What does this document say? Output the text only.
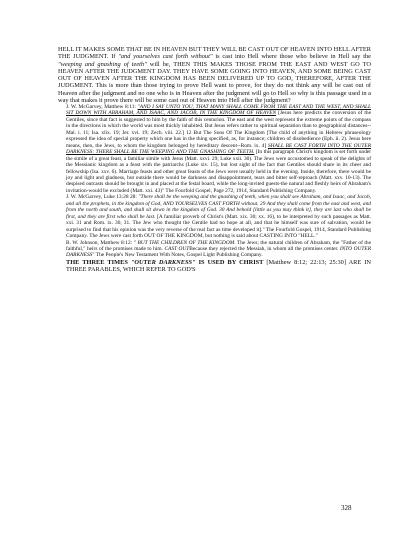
HELL IT MAKES SOME THAT BE IN HEAVEN BUT THEY WILL BE CAST OUT OF HEAVEN INTO HELL AFTER THE JUDGMENT. If "and yourselves cast forth without" is cast into Hell where those who believe in Hell say the "weeping and gnashing of teeth" will be, THEN THIS MAKES THOSE FROM THE EAST AND WEST GO TO HEAVEN AFTER THE JUDGMENT DAY. THEY HAVE SOME GOING INTO HEAVEN, AND SOME BEING CAST OUT OF HEAVEN AFTER THE KINGDOM HAS BEEN DELIVERED UP TO GOD, THEREFORE, AFTER THE JUDGMENT. This is more than those trying to prove Hell want to prove, for they do not think any will be cast out of Heaven after the judgment and no one who is in Heaven after the judgment will go to Hell so why is this passage used in a way that makes it prove there will be some cast out of Heaven into Hell after the judgment?

J. W. McGarvey, Matthew 8:11: "AND I SAY UNTO YOU, THAT MANY SHALL COME FROM THE EAST AND THE WEST, AND SHALL SIT DOWN WITH ABRAHAM, AND ISAAC, AND JACOB, IN THE KINGDOM OF HEAVEN [Jesus here predicts the conversion of the Gentiles, since that fact is suggested to him by the faith of this centurion. The east and the west represent the extreme points of the compass in the directions in which the world was most thickly inhabited. But Jesus refers rather to spiritual separation than to geographical distances--Mal. i. 11; Isa. xlix. 19; Jer. xvi. 19; Zech. viii. 22.] 12 But The Sons Of The Kingdom [The child of anything in Hebrew phraseology expressed the idea of special property which one has in the thing specified, as, for instance; children of disobedience (Eph. ii. 2). Jesus here means, then, the Jews, to whom the kingdom belonged by hereditary descent--Rom. ix. 4] SHALL BE CAST FORTH INTO THE OUTER DARKNESS: THERE SHALL BE THE WEEPING AND THE GNASHING OF TEETH. [In this paragraph Christ's kingdom is set forth under the simile of a great feast, a familiar simile with Jesus (Matt. xxvi. 29; Luke xxii. 30). The Jews were accustomed to speak of the delights of the Messianic kingdom as a feast with the patriarchs (Luke xiv. 15), but lost sight of the fact that Gentiles should share in its cheer and fellowship (Isa. xxv. 6). Marriage feasts and other great feasts of the Jews were usually held in the evening. Inside, therefore, there would be joy and light and gladness, but outside there would be darkness and disappointment, tears and bitter self-reproach (Matt. xxv. 10-13). The despised outcasts should be brought in and placed at the festal board, while the long-invited guests-the natural and fleshly heirs of Abraham's invitation-would be excluded (Matt. xxi. 43)" The Fourfold Gospel, Page 272, 1914, Standard Publishing Company.

J. W. McGarvey, Luke 13:28 28: "There shall be the weeping and the gnashing of teeth, when you shall see Abraham, and Isaac, and Jacob, and all the prophets, in the kingdom of God, AND YOURSELVES CAST FORTH without. 29 And they shall come from the east and west, and from the north and south, and shall sit down in the kingdom of God. 30 And behold [little as you may think it], they are last who shall be first, and they are first who shall be last. [A familiar proverb of Christ's (Matt. xix. 30; xx. 16), to be interpreted by such passages as Matt. xxi. 31 and Rom. ix. 30, 31. The Jew who thought the Gentile had no hope at all, and that he himself was sure of salvation, would be surprised to find that his opinion was the very reverse of the real fact as time developed it]." The Fourfold Gospel, 1914, Standard Publishing Company. The Jews were cast forth OUT OF THE KINGDOM, but nothing is said about CASTING INTO "HELL."

B. W. Johnson, Matthew 8:12: " BUT THE CHILDREN OF THE KINGDOM. The Jews; the natural children of Abraham, the "Father of the faithful," heirs of the promises made to him. CAST OUTBecause they rejected the Messiah, in whom all the promises center. INTO OUTER DARKNESS" The People's New Testament With Notes, Gospel Light Publishing Company.

THE THREE TIMES "OUTER DARKNESS" IS USED BY CHRIST [Matthew 8:12; 22:13; 25:30] ARE IN THREE PARABLES, WHICH REFER TO GOD'S

328
